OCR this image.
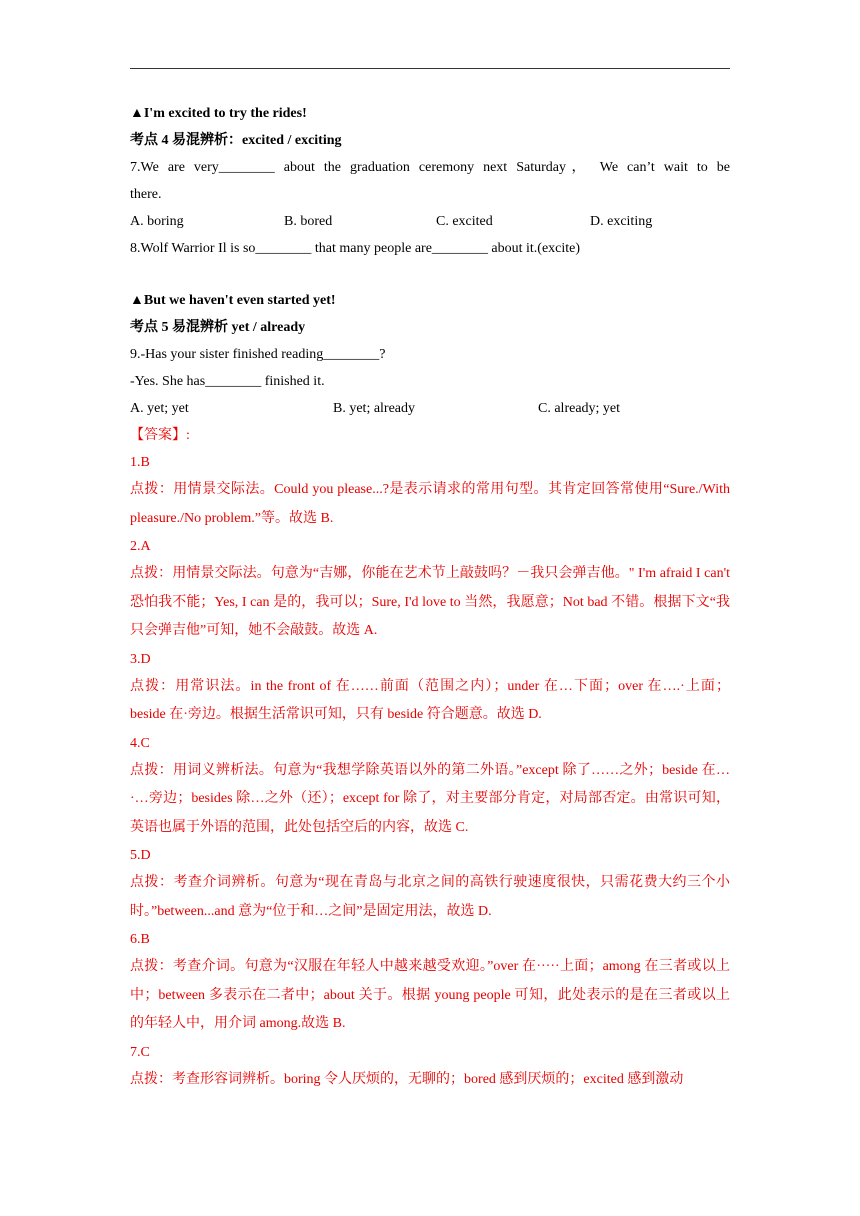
▲I'm excited to try the rides!
考点 4 易混辨析：excited / exciting
7.We are very________ about the graduation ceremony next Saturday， We can’t wait to be
there.
A. boring	B. bored	C. excited	D. exciting
8.Wolf Warrior Il is so________ that many people are________ about it.(excite)
▲But we haven't even started yet!
考点 5 易混辨析 yet / already
9.-Has your sister finished reading________?
-Yes. She has________ finished it.
A. yet; yet	B. yet; already	C. already; yet
【答案】:
1.B
点拨：用情景交际法。Could you please...?是表示请求的常用句型。其肯定回答常使用“Sure./With pleasure./No problem.”等。故选 B.
2.A
点拨：用情景交际法。句意为“吉娜，你能在艺术节上敲鼓吗？－我只会弹吉他。" I'm afraid I can't 恐怕我不能；Yes, I can 是的，我可以；Sure, I'd love to 当然，我愿意；Not bad 不错。根据下文“我只会弹吉他”可知，她不会敲鼓。故选 A.
3.D
点拨：用常识法。in the front of 在……前面（范围之内）；under 在…下面；over 在….·上面；beside 在·旁边。根据生活常识可知，只有 beside 符合题意。故选 D.
4.C
点拨：用词义辨析法。句意为“我想学除英语以外的第二外语。”except 除了……之外；beside 在…·…旁边；besides 除…之外（还）；except for 除了，对主要部分肯定，对局部否定。由常识可知，英语也属于外语的范围，此处包括空后的内容，故选 C.
5.D
点拨：考查介词辨析。句意为“现在青岛与北京之间的高铁行驶速度很快，只需花费大约三个小时。”between...and 意为“位于和…之间”是固定用法，故选 D.
6.B
点拨：考查介词。句意为“汉服在年轻人中越来越受欢迎。”over 在·····上面；among 在三者或以上中；between 多表示在二者中；about 关于。根据 young people 可知，此处表示的是在三者或以上的年轻人中，用介词 among.故选 B.
7.C
点拨：考查形容词辨析。boring 令人厌烦的，无聊的；bored 感到厌烦的；excited 感到激动
